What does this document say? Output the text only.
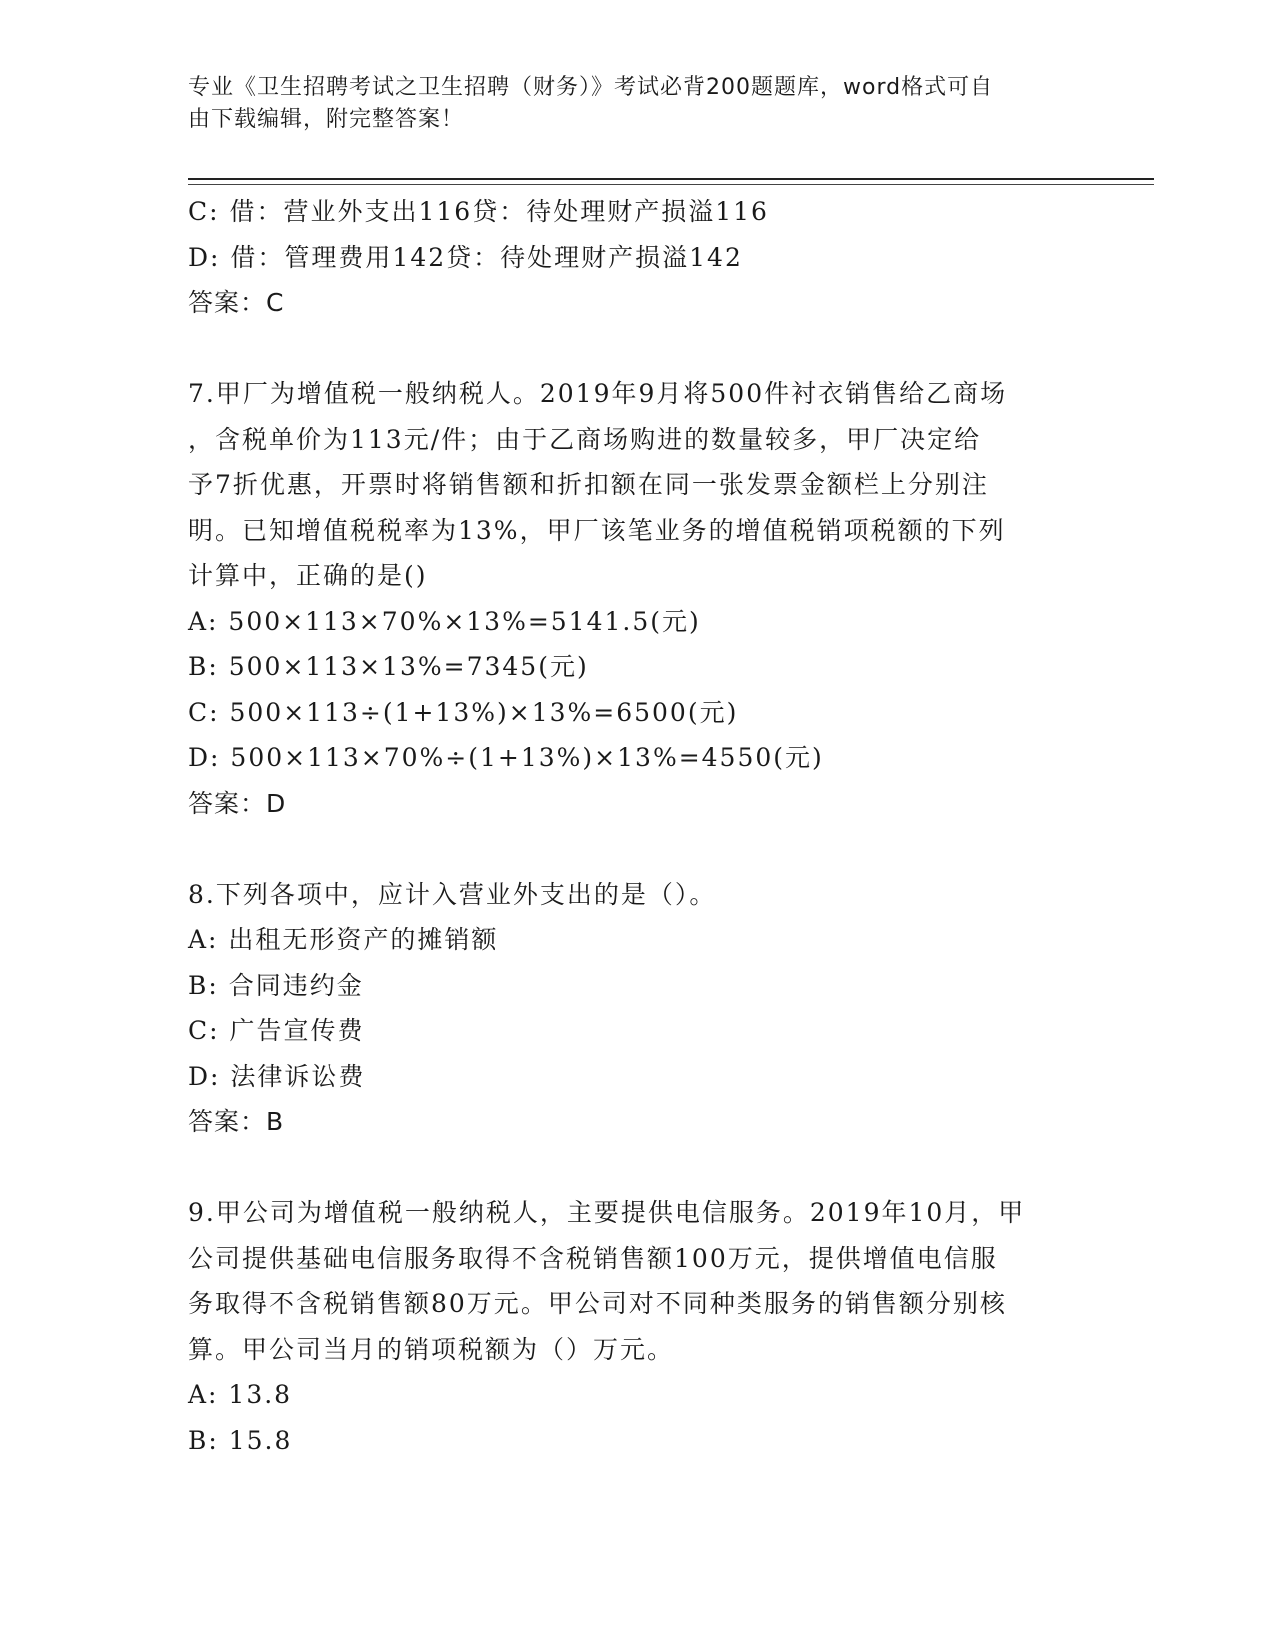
专业《卫生招聘考试之卫生招聘（财务）》考试必背200题题库，word格式可自
由下载编辑，附完整答案！
C: 借：营业外支出116贷：待处理财产损溢116
D: 借：管理费用142贷：待处理财产损溢142
答案：C
7.甲厂为增值税一般纳税人。2019年9月将500件衬衣销售给乙商场
，含税单价为113元/件；由于乙商场购进的数量较多，甲厂决定给
予7折优惠，开票时将销售额和折扣额在同一张发票金额栏上分别注
明。已知增值税税率为13%，甲厂该笔业务的增值税销项税额的下列
计算中，正确的是()
A: 500×113×70%×13%=5141.5(元)
B: 500×113×13%=7345(元)
C: 500×113÷(1+13%)×13%=6500(元)
D: 500×113×70%÷(1+13%)×13%=4550(元)
答案：D
8.下列各项中，应计入营业外支出的是（）。
A: 出租无形资产的摊销额
B: 合同违约金
C: 广告宣传费
D: 法律诉讼费
答案：B
9.甲公司为增值税一般纳税人，主要提供电信服务。2019年10月，甲
公司提供基础电信服务取得不含税销售额100万元，提供增值电信服
务取得不含税销售额80万元。甲公司对不同种类服务的销售额分别核
算。甲公司当月的销项税额为（）万元。
A: 13.8
B: 15.8
